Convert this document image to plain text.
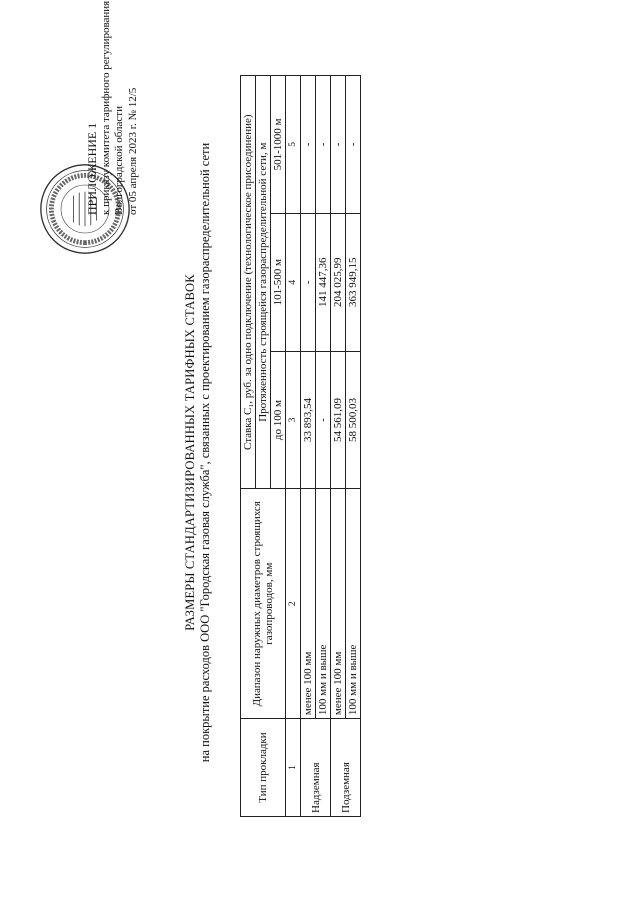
ПРИЛОЖЕНИЕ 1 к приказу комитета тарифного регулирования Волгоградской области от 05 апреля 2023 г. № 12/5
РАЗМЕРЫ СТАНДАРТИЗИРОВАННЫХ ТАРИФНЫХ СТАВОК на покрытие расходов ООО "Городская газовая служба", связанных с проектированием газораспределительной сети
Тип прокладки	Диапазон наружных диаметров строящихся газопроводов, мм	Ставка C₁, руб. за одно подключение (технологическое присоединение)		
		Протяженность строящейся газораспределительной сети, м		
		до 100 м	101-500 м	501-1000 м
1	2	3	4	5
Надземная	менее 100 мм	33 893,54	-	-
	100 мм и выше	-	141 447,36	-
Подземная	менее 100 мм	54 561,09	204 025,99	-
	100 мм и выше	58 500,03	363 949,15	-
